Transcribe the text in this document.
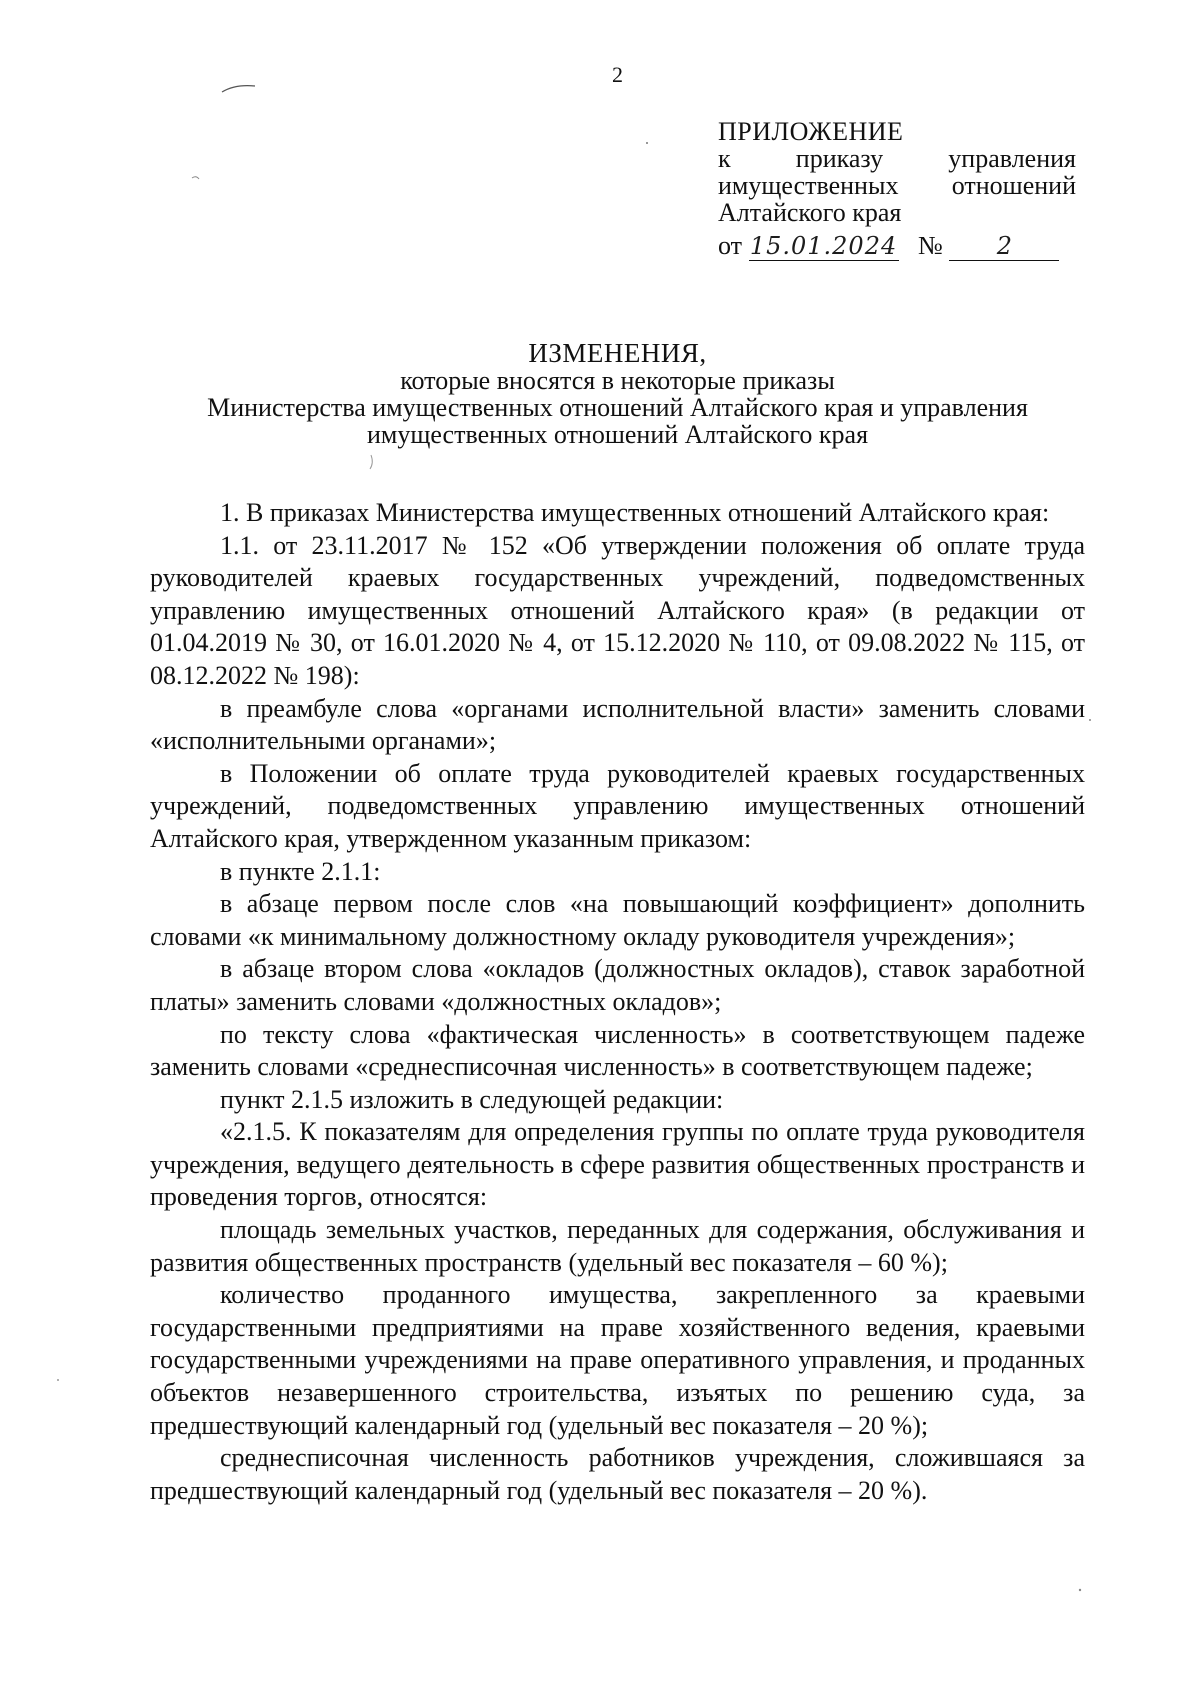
2
ПРИЛОЖЕНИЕ
к приказу управления имущественных отношений Алтайского края
от 15.01.2024 № 2
ИЗМЕНЕНИЯ,
которые вносятся в некоторые приказы
Министерства имущественных отношений Алтайского края и управления
имущественных отношений Алтайского края

1. В приказах Министерства имущественных отношений Алтайского края:

1.1. от 23.11.2017 № 152 «Об утверждении положения об оплате труда руководителей краевых государственных учреждений, подведомственных управлению имущественных отношений Алтайского края» (в редакции от 01.04.2019 № 30, от 16.01.2020 № 4, от 15.12.2020 № 110, от 09.08.2022 № 115, от 08.12.2022 № 198):

в преамбуле слова «органами исполнительной власти» заменить словами «исполнительными органами»;

в Положении об оплате труда руководителей краевых государственных учреждений, подведомственных управлению имущественных отношений Алтайского края, утвержденном указанным приказом:

в пункте 2.1.1:

в абзаце первом после слов «на повышающий коэффициент» дополнить словами «к минимальному должностному окладу руководителя учреждения»;

в абзаце втором слова «окладов (должностных окладов), ставок заработной платы» заменить словами «должностных окладов»;

по тексту слова «фактическая численность» в соответствующем падеже заменить словами «среднесписочная численность» в соответствующем падеже;

пункт 2.1.5 изложить в следующей редакции:

«2.1.5. К показателям для определения группы по оплате труда руководителя учреждения, ведущего деятельность в сфере развития общественных пространств и проведения торгов, относятся:

площадь земельных участков, переданных для содержания, обслуживания и развития общественных пространств (удельный вес показателя – 60 %);

количество проданного имущества, закрепленного за краевыми государственными предприятиями на праве хозяйственного ведения, краевыми государственными учреждениями на праве оперативного управления, и проданных объектов незавершенного строительства, изъятых по решению суда, за предшествующий календарный год (удельный вес показателя – 20 %);

среднесписочная численность работников учреждения, сложившаяся за предшествующий календарный год (удельный вес показателя – 20 %).
